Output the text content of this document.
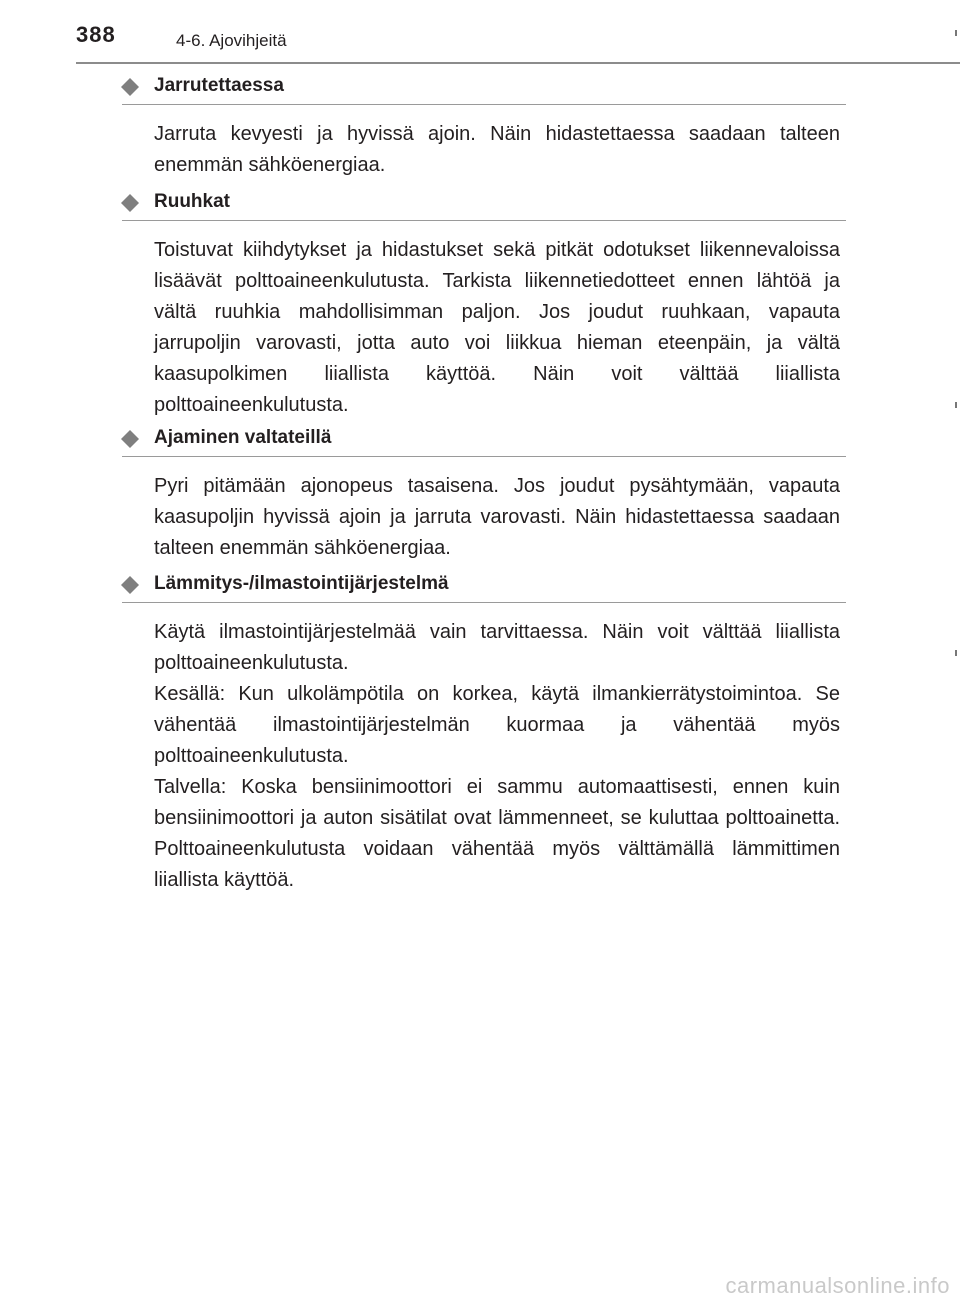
388	4-6. Ajovihjeitä
Jarrutettaessa

Jarruta kevyesti ja hyvissä ajoin. Näin hidastettaessa saadaan talteen enemmän sähköenergiaa.

Ruuhkat

Toistuvat kiihdytykset ja hidastukset sekä pitkät odotukset liikennevaloissa lisäävät polttoaineenkulutusta. Tarkista liikennetiedotteet ennen lähtöä ja vältä ruuhkia mahdollisimman paljon. Jos joudut ruuhkaan, vapauta jarrupoljin varovasti, jotta auto voi liikkua hieman eteenpäin, ja vältä kaasupolkimen liiallista käyttöä. Näin voit välttää liiallista polttoaineenkulutusta.

Ajaminen valtateillä

Pyri pitämään ajonopeus tasaisena. Jos joudut pysähtymään, vapauta kaasupoljin hyvissä ajoin ja jarruta varovasti. Näin hidastettaessa saadaan talteen enemmän sähköenergiaa.

Lämmitys-/ilmastointijärjestelmä

Käytä ilmastointijärjestelmää vain tarvittaessa. Näin voit välttää liiallista polttoaineenkulutusta.

Kesällä: Kun ulkolämpötila on korkea, käytä ilmankierrätystoimintoa. Se vähentää ilmastointijärjestelmän kuormaa ja vähentää myös polttoaineenkulutusta.

Talvella: Koska bensiinimoottori ei sammu automaattisesti, ennen kuin bensiinimoottori ja auton sisätilat ovat lämmenneet, se kuluttaa polttoainetta. Polttoaineenkulutusta voidaan vähentää myös välttämällä lämmittimen liiallista käyttöä.

carmanualsonline.info
